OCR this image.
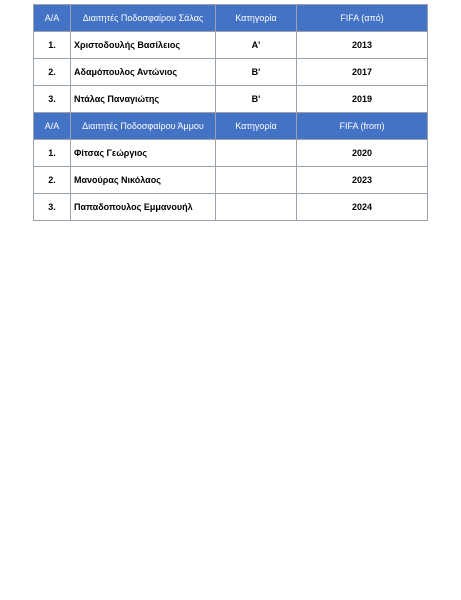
A/A	Διαιτητές Ποδοσφαίρου Σάλας	Κατηγορία	FIFA (από)
1.	Χριστοδουλής Βασίλειος	Α'	2013
2.	Αδαμόπουλος Αντώνιος	Β'	2017
3.	Ντάλας Παναγιώτης	Β'	2019
A/A	Διαιτητές Ποδοσφαίρου Άμμου	Κατηγορία	FIFA (from)
1.	Φίτσας Γεώργιος		2020
2.	Μανούρας Νικόλαος		2023
3.	Παπαδοπουλος Εμμανουήλ		2024
